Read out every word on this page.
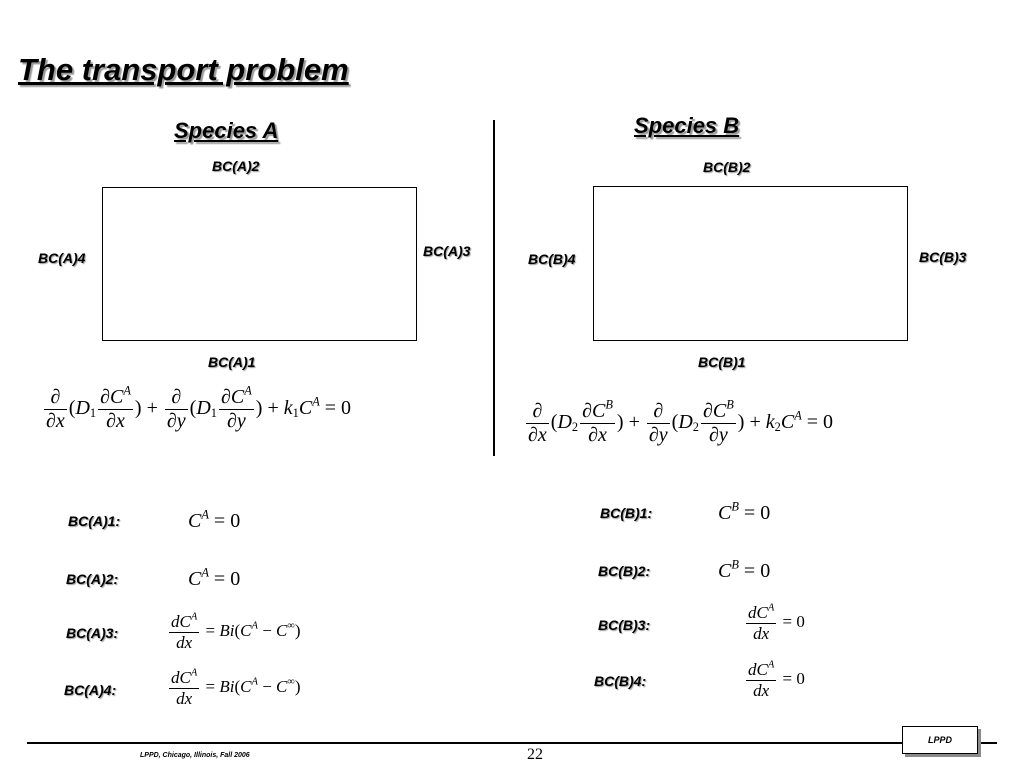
The transport problem
Species A
BC(A)2
BC(A)4	BC(A)3
BC(A)1
Species B
BC(B)2
BC(B)4	BC(B)3
BC(B)1
$\frac{\partial}{\partial x} (D_1 \frac{\partial C^A}{\partial x}$ ) + $\frac{\partial}{\partial y} (D_1 \frac{\partial C^A}{\partial y}$ ) + $k_1C^A = 0$	$\frac{\partial}{\partial x} (D_2 \frac{\partial C^B}{\partial x}$ ) + $\frac{\partial}{\partial y} (D_2 \frac{\partial C^B}{\partial y}$ ) + $k_2C^A = 0$
BC(A)1:	$C^A = 0$
BC(A)2:	$C^A = 0$
BC(A)3:	$\frac{dC^A}{dx} = Bi(C^A - C^\infty)$
BC(A)4:	$\frac{dC^A}{dx} = Bi(C^A - C^\infty)$
BC(B)1:	$C^B = 0$
BC(B)2:	$C^B = 0$
BC(B)3:	$\frac{dC^A}{dx} = 0$
BC(B)4:	$\frac{dC^A}{dx} = 0$
LPPD, Chicago, Illinois, Fall 2006	22
LPPD
